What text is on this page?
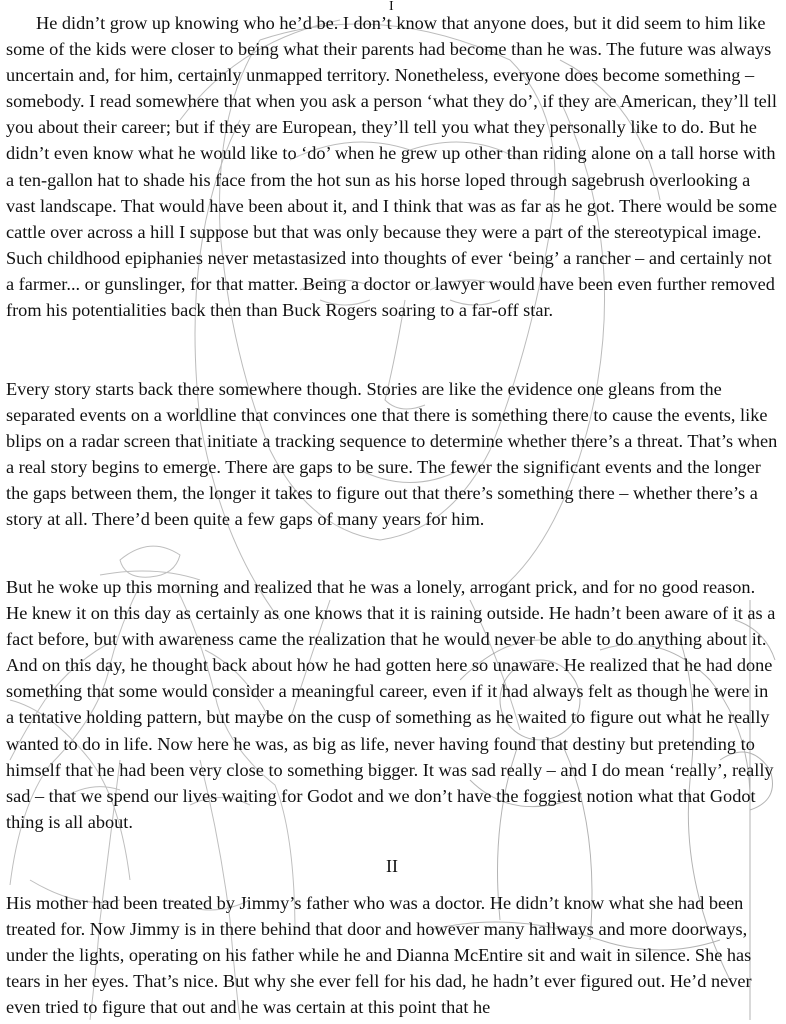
I

He didn’t grow up knowing who he’d be. I don’t know that anyone does, but it did seem to him like some of the kids were closer to being what their parents had become than he was. The future was always uncertain and, for him, certainly unmapped territory. Nonetheless, everyone does become something – somebody. I read somewhere that when you ask a person ‘what they do’, if they are American, they’ll tell you about their career; but if they are European, they’ll tell you what they personally like to do. But he didn’t even know what he would like to ‘do’ when he grew up other than riding alone on a tall horse with a ten-gallon hat to shade his face from the hot sun as his horse loped through sagebrush overlooking a vast landscape. That would have been about it, and I think that was as far as he got. There would be some cattle over across a hill I suppose but that was only because they were a part of the stereotypical image. Such childhood epiphanies never metastasized into thoughts of ever ‘being’ a rancher – and certainly not a farmer... or gunslinger, for that matter. Being a doctor or lawyer would have been even further removed from his potentialities back then than Buck Rogers soaring to a far-off star.

Every story starts back there somewhere though. Stories are like the evidence one gleans from the separated events on a worldline that convinces one that there is something there to cause the events, like blips on a radar screen that initiate a tracking sequence to determine whether there’s a threat. That’s when a real story begins to emerge. There are gaps to be sure. The fewer the significant events and the longer the gaps between them, the longer it takes to figure out that there’s something there – whether there’s a story at all. There’d been quite a few gaps of many years for him.

But he woke up this morning and realized that he was a lonely, arrogant prick, and for no good reason. He knew it on this day as certainly as one knows that it is raining outside. He hadn’t been aware of it as a fact before, but with awareness came the realization that he would never be able to do anything about it. And on this day, he thought back about how he had gotten here so unaware. He realized that he had done something that some would consider a meaningful career, even if it had always felt as though he were in a tentative holding pattern, but maybe on the cusp of something as he waited to figure out what he really wanted to do in life. Now here he was, as big as life, never having found that destiny but pretending to himself that he had been very close to something bigger. It was sad really – and I do mean ‘really’, really sad – that we spend our lives waiting for Godot and we don’t have the foggiest notion what that Godot thing is all about.

II

His mother had been treated by Jimmy’s father who was a doctor. He didn’t know what she had been treated for. Now Jimmy is in there behind that door and however many hallways and more doorways, under the lights, operating on his father while he and Dianna McEntire sit and wait in silence. She has tears in her eyes. That’s nice. But why she ever fell for his dad, he hadn’t ever figured out. He’d never even tried to figure that out and he was certain at this point that he
